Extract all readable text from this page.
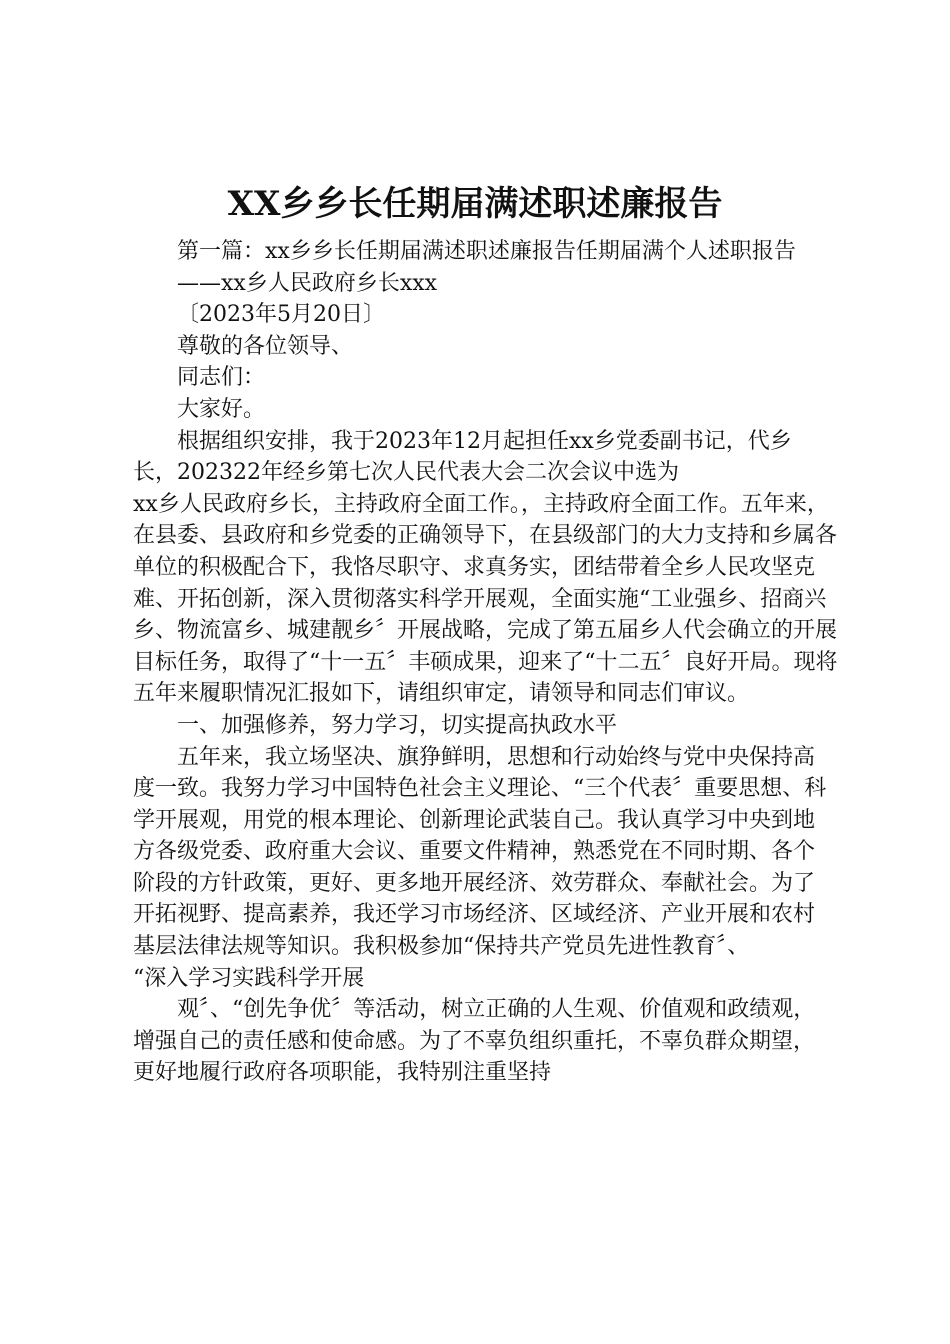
XX乡乡长任期届满述职述廉报告

第一篇：xx乡乡长任期届满述职述廉报告任期届满个人述职报告

——xx乡人民政府乡长xxx

〔2023年5月20日〕

尊敬的各位领导、

同志们：

大家好。

根据组织安排，我于2023年12月起担任xx乡党委副书记，代乡长，202322年经乡第七次人民代表大会二次会议中选为

xx乡人民政府乡长，主持政府全面工作。，主持政府全面工作。五年来，在县委、县政府和乡党委的正确领导下，在县级部门的大力支持和乡属各单位的积极配合下，我恪尽职守、求真务实，团结带着全乡人民攻坚克难、开拓创新，深入贯彻落实科学开展观，全面实施“工业强乡、招商兴乡、物流富乡、城建靓乡〞开展战略，完成了第五届乡人代会确立的开展目标任务，取得了“十一五〞丰硕成果，迎来了“十二五〞良好开局。现将五年来履职情况汇报如下，请组织审定，请领导和同志们审议。

一、加强修养，努力学习，切实提高执政水平

五年来，我立场坚决、旗狰鲜明，思想和行动始终与党中央保持高度一致。我努力学习中国特色社会主义理论、“三个代表〞重要思想、科学开展观，用党的根本理论、创新理论武装自己。我认真学习中央到地方各级党委、政府重大会议、重要文件精神，熟悉党在不同时期、各个阶段的方针政策，更好、更多地开展经济、效劳群众、奉献社会。为了开拓视野、提高素养，我还学习市场经济、区域经济、产业开展和农村基层法律法规等知识。我积极参加“保持共产党员先进性教育〞、

“深入学习实践科学开展

观〞、“创先争优〞等活动，树立正确的人生观、价值观和政绩观，增强自己的责任感和使命感。为了不辜负组织重托，不辜负群众期望，更好地履行政府各项职能，我特别注重坚持
